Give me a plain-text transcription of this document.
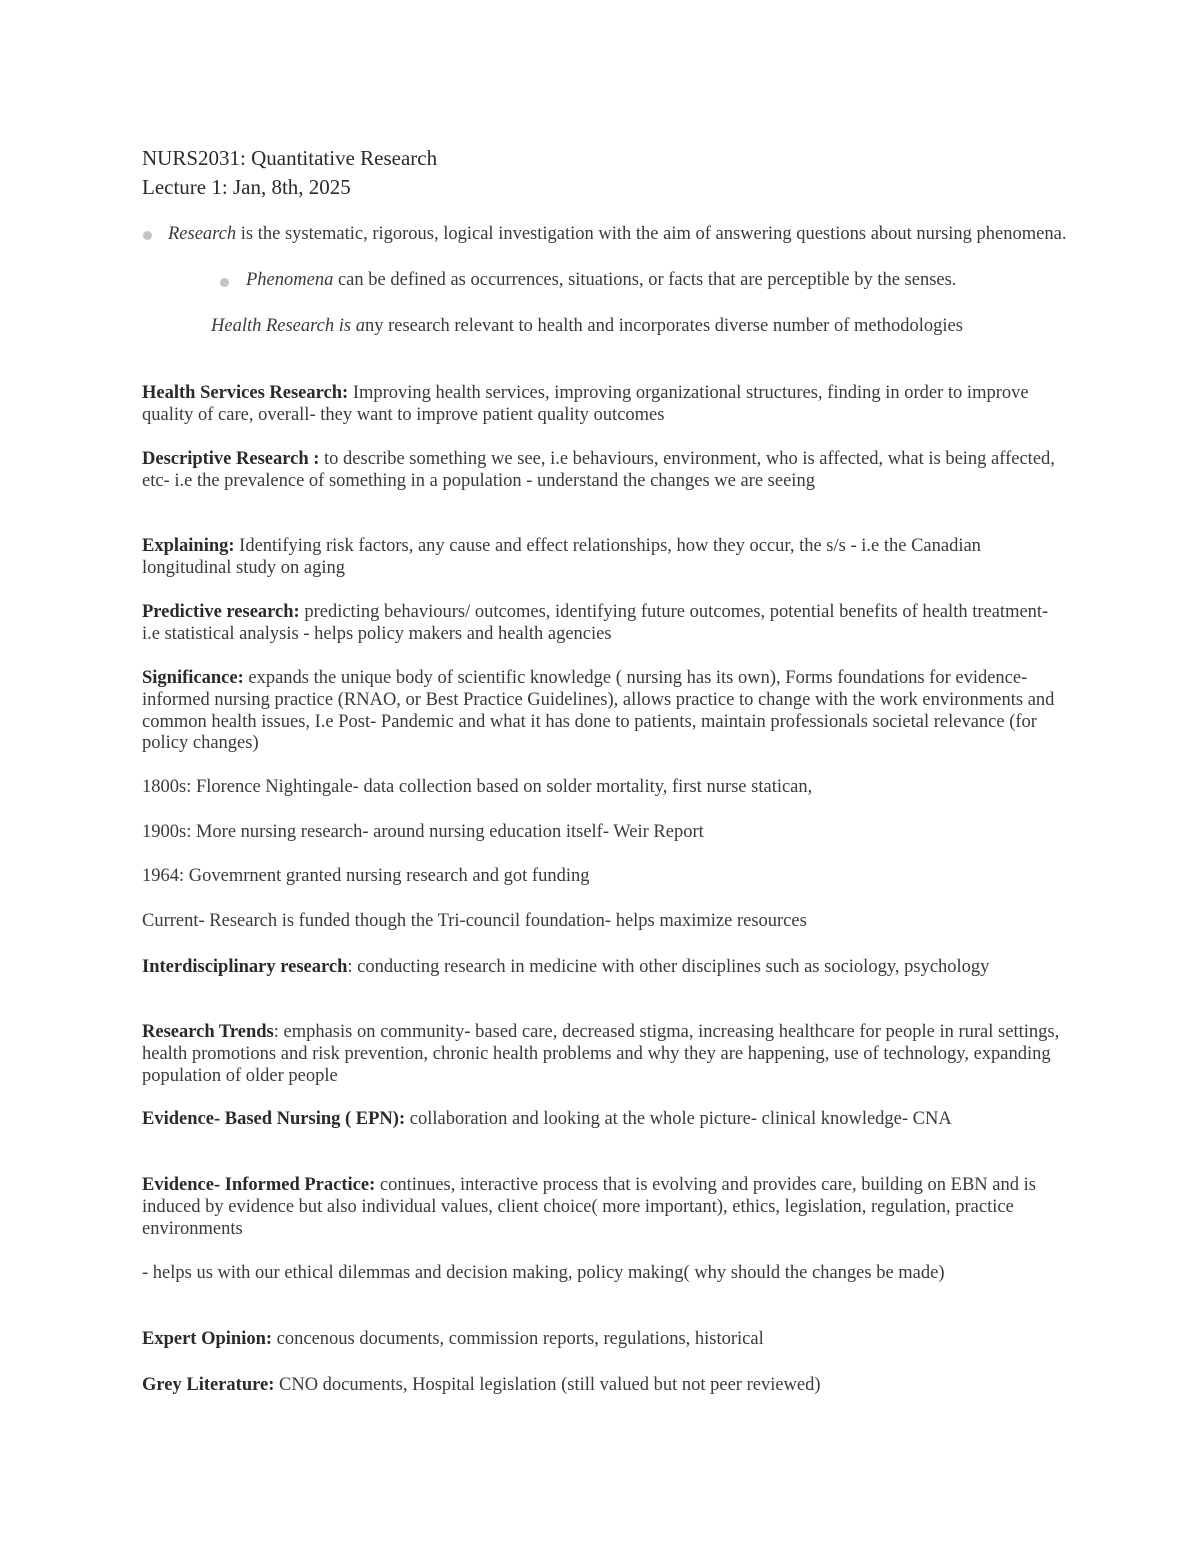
NURS2031: Quantitative Research
Lecture 1: Jan, 8th, 2025
Research is the systematic, rigorous, logical investigation with the aim of answering questions about nursing phenomena.
Phenomena can be defined as occurrences, situations, or facts that are perceptible by the senses.
Health Research is any research relevant to health and incorporates diverse number of methodologies
Health Services Research: Improving health services, improving organizational structures, finding in order to improve quality of care, overall- they want to improve patient quality outcomes
Descriptive Research : to describe something we see, i.e behaviours, environment, who is affected, what is being affected, etc- i.e the prevalence of something in a population - understand the changes we are seeing
Explaining: Identifying risk factors, any cause and effect relationships, how they occur, the s/s - i.e the Canadian longitudinal study on aging
Predictive research: predicting behaviours/ outcomes, identifying future outcomes, potential benefits of health treatment- i.e statistical analysis - helps policy makers and health agencies
Significance: expands the unique body of scientific knowledge ( nursing has its own), Forms foundations for evidence-informed nursing practice (RNAO, or Best Practice Guidelines), allows practice to change with the work environments and common health issues, I.e Post- Pandemic and what it has done to patients, maintain professionals societal relevance (for policy changes)
1800s: Florence Nightingale- data collection based on solder mortality, first nurse statican,
1900s: More nursing research- around nursing education itself- Weir Report
1964: Govemrnent granted nursing research and got funding
Current- Research is funded though the Tri-council foundation- helps maximize resources
Interdisciplinary research: conducting research in medicine with other disciplines such as sociology, psychology
Research Trends: emphasis on community- based care, decreased stigma, increasing healthcare for people in rural settings, health promotions and risk prevention, chronic health problems and why they are happening, use of technology, expanding population of older people
Evidence- Based Nursing ( EPN): collaboration and looking at the whole picture- clinical knowledge- CNA
Evidence- Informed Practice: continues, interactive process that is evolving and provides care, building on EBN and is induced by evidence but also individual values, client choice( more important), ethics, legislation, regulation, practice environments
- helps us with our ethical dilemmas and decision making, policy making( why should the changes be made)
Expert Opinion: concenous documents, commission reports, regulations, historical
Grey Literature: CNO documents, Hospital legislation (still valued but not peer reviewed)
